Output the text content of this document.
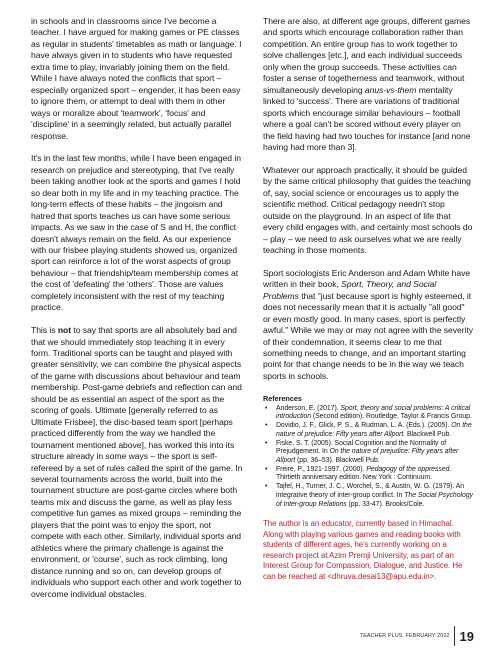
in schools and in classrooms since I've become a teacher. I have argued for making games or PE classes as regular in students' timetables as math or language. I have always given in to students who have requested extra time to play, invariably joining them on the field. While I have always noted the conflicts that sport – especially organized sport – engender, it has been easy to ignore them, or attempt to deal with them in other ways or moralize about 'teamwork', 'focus' and 'discipline' in a seemingly related, but actually parallel response.

It's in the last few months, while I have been engaged in research on prejudice and stereotyping, that I've really been taking another look at the sports and games I hold so dear both in my life and in my teaching practice. The long-term effects of these habits – the jingoism and hatred that sports teaches us can have some serious impacts. As we saw in the case of S and H, the conflict doesn't always remain on the field. As our experience with our frisbee playing students showed us, organized sport can reinforce a lot of the worst aspects of group behaviour – that friendship/team membership comes at the cost of 'defeating' the 'others'. Those are values completely inconsistent with the rest of my teaching practice.

This is not to say that sports are all absolutely bad and that we should immediately stop teaching it in every form. Traditional sports can be taught and played with greater sensitivity, we can combine the physical aspects of the game with discussions about behaviour and team membership. Post-game debriefs and reflection can and should be as essential an aspect of the sport as the scoring of goals. Ultimate [generally referred to as Ultimate Frisbee], the disc-based team sport [perhaps practiced differently from the way we handled the tournament mentioned above], has worked this into its structure already in some ways – the sport is self-refereed by a set of rules called the spirit of the game. In several tournaments across the world, built into the tournament structure are post-game circles where both teams mix and discuss the game, as well as play less competitive fun games as mixed groups – reminding the players that the point was to enjoy the sport, not compete with each other. Similarly, individual sports and athletics where the primary challenge is against the environment, or 'course', such as rock climbing, long distance running and so on, can develop groups of individuals who support each other and work together to overcome individual obstacles.

There are also, at different age groups, different games and sports which encourage collaboration rather than competition. An entire group has to work together to solve challenges [etc.], and each individual succeeds only when the group succeeds. These activities can foster a sense of togetherness and teamwork, without simultaneously developing anus-vs-them mentality linked to 'success'. There are variations of traditional sports which encourage similar behaviours – football where a goal can't be scored without every player on the field having had two touches for instance [and none having had more than 3].

Whatever our approach practically, it should be guided by the same critical philosophy that guides the teaching of, say, social science or encourages us to apply the scientific method. Critical pedagogy needn't stop outside on the playground. In an aspect of life that every child engages with, and certainly most schools do – play – we need to ask ourselves what we are really teaching in those moments.

Sport sociologists Eric Anderson and Adam White have written in their book, Sport, Theory, and Social Problems that "just because sport is highly esteemed, it does not necessarily mean that it is actually "all good" or even mostly good. In many cases, sport is perfectly awful." While we may or may not agree with the severity of their condemnation, it seems clear to me that something needs to change, and an important starting point for that change needs to be in the way we teach sports in schools.

References
• Anderson, E. (2017). Sport, theory and social problems: A critical introduction (Second edition). Routledge, Taylor & Francis Group.
• Dovidio, J. F., Glick, P. S., & Rudman, L. A. (Eds.). (2005). On the nature of prejudice: Fifty years after Allport. Blackwell Pub.
• Fiske, S. T. (2005). Social Cognition and the Normality of Prejudgement. In On the nature of prejudice: Fifty years after Allport (pp. 36–53). Blackwell Pub.
• Freire, P., 1921-1997. (2000). Pedagogy of the oppressed. Thirtieth anniversary edition. New York : Continuum.
• Tajfel, H., Turner, J. C., Worchel, S., & Austin, W. G. (1979). An integrative theory of inter-group conflict. In The Social Psychology of Inter-group Relations (pp. 33-47). Brooks/Cole.

The author is an educator, currently based in Himachal. Along with playing various games and reading books with students of different ages, he's currently working on a research project at Azim Premji University, as part of an Interest Group for Compassion, Dialogue, and Justice. He can be reached at <dhruva.desai13@apu.edu.in>.

TEACHER PLUS, FEBRUARY 2022 19
